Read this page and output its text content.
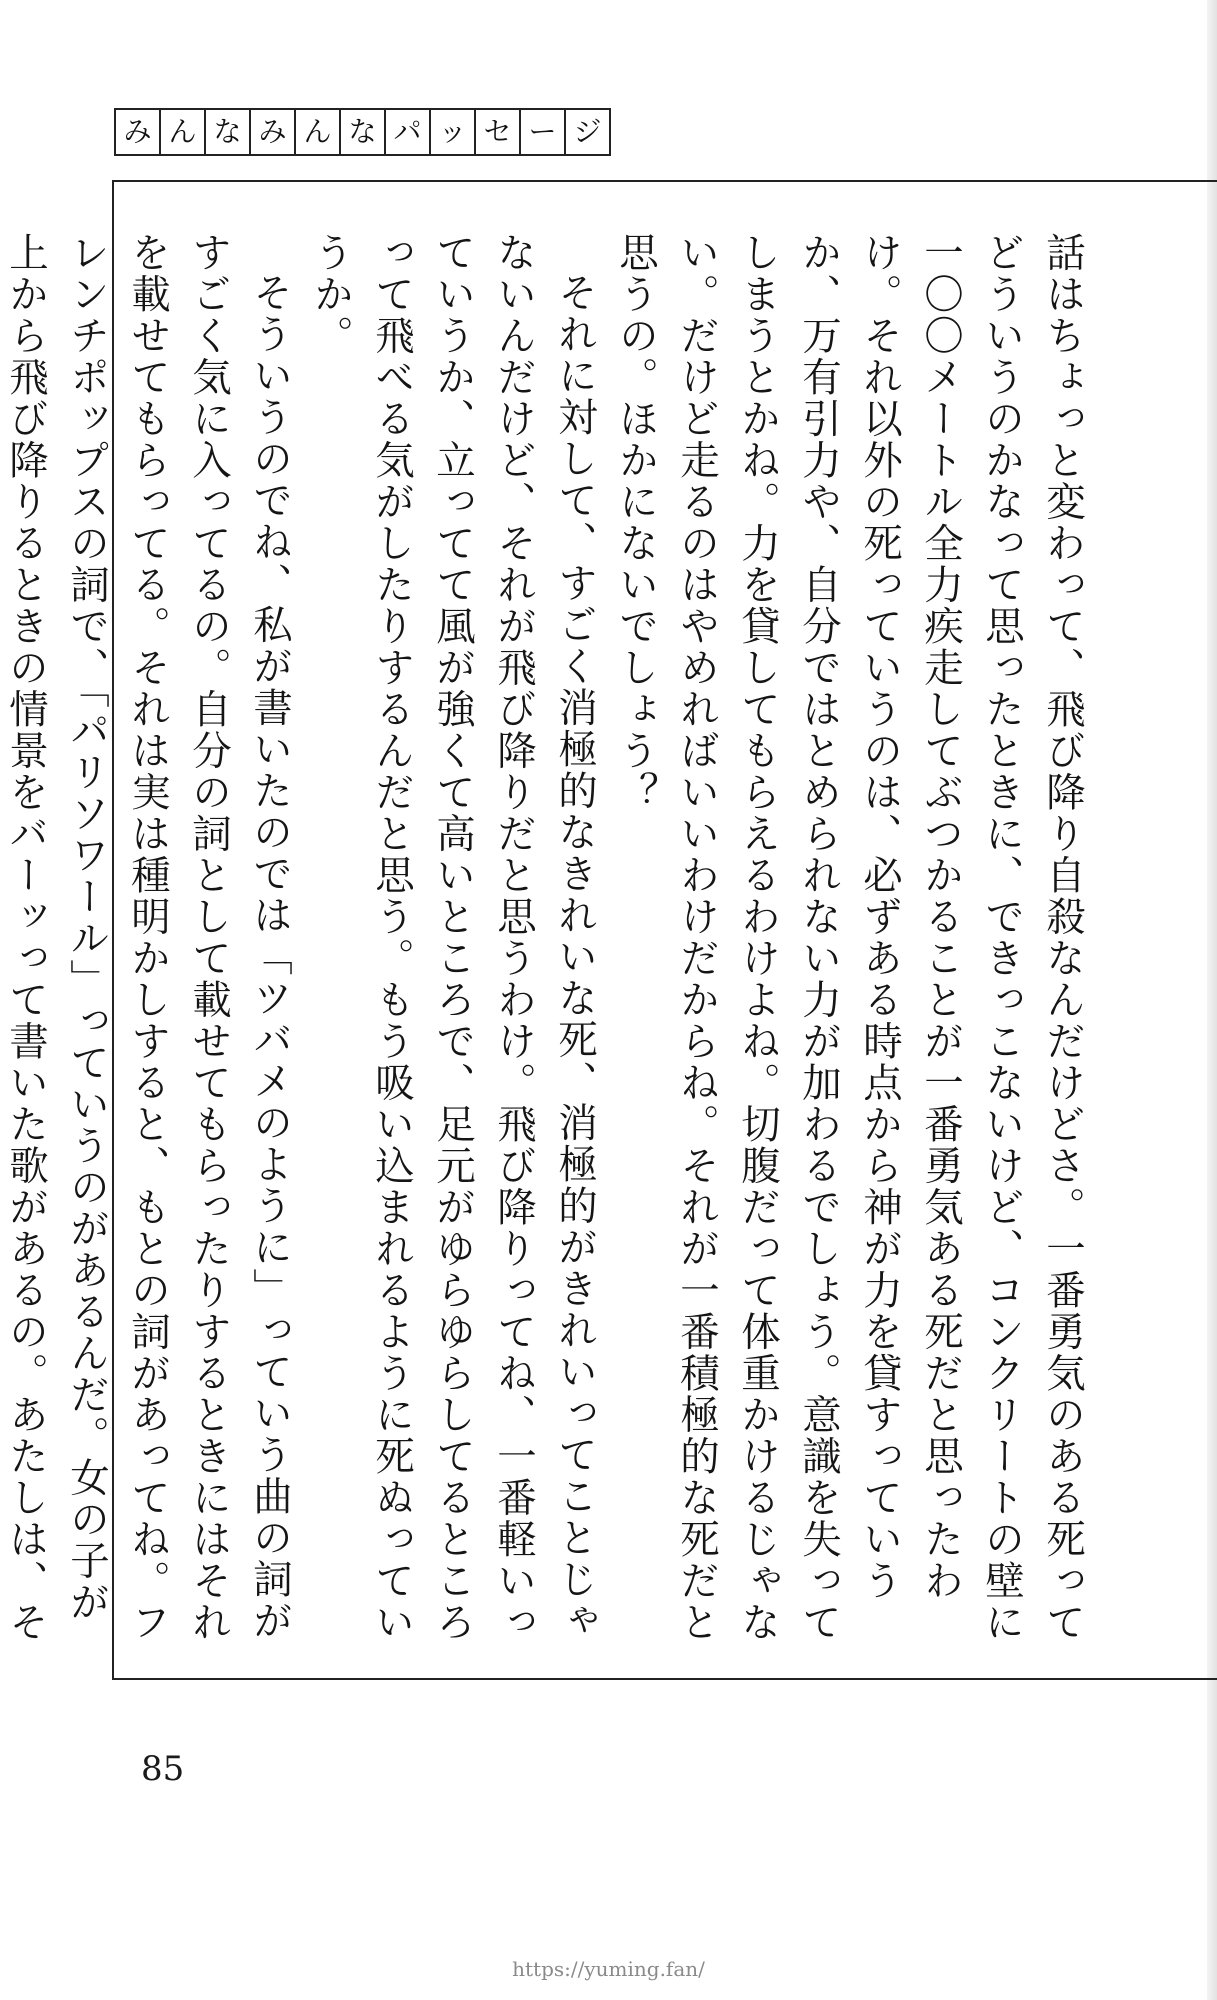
み ん な み ん な パ ッ セ ー ジ

話はちょっと変わって、飛び降り自殺なんだけどさ。一番勇気のある死ってどういうのかなって思ったときに、できっこないけど、コンクリートの壁に一〇〇メートル全力疾走してぶつかることが一番勇気ある死だと思ったわけ。それ以外の死っていうのは、必ずある時点から神が力を貸すっていうか、万有引力や、自分ではとめられない力が加わるでしょう。意識を失ってしまうとかね。力を貸してもらえるわけよね。切腹だって体重かけるじゃない。だけど走るのはやめればいいわけだからね。それが一番積極的な死だと思うの。ほかにないでしょう？

それに対して、すごく消極的なきれいな死、消極的がきれいってことじゃないんだけど、それが飛び降りだと思うわけ。飛び降りってね、一番軽いっていうか、立ってて風が強くて高いところで、足元がゆらゆらしてるところって飛べる気がしたりするんだと思う。もう吸い込まれるように死ぬっていうか。

そういうのでね、私が書いたのでは「ツバメのように」っていう曲の詞がすごく気に入ってるの。自分の詞として載せてもらったりするときにはそれを載せてもらってる。それは実は種明かしすると、もとの詞があってね。フレンチポップスの詞で、「パリソワール」っていうのがあるんだ。女の子が上から飛び降りるときの情景をバーッって書いた歌があるの。あたしは、そ

85
https://yuming.fan/
